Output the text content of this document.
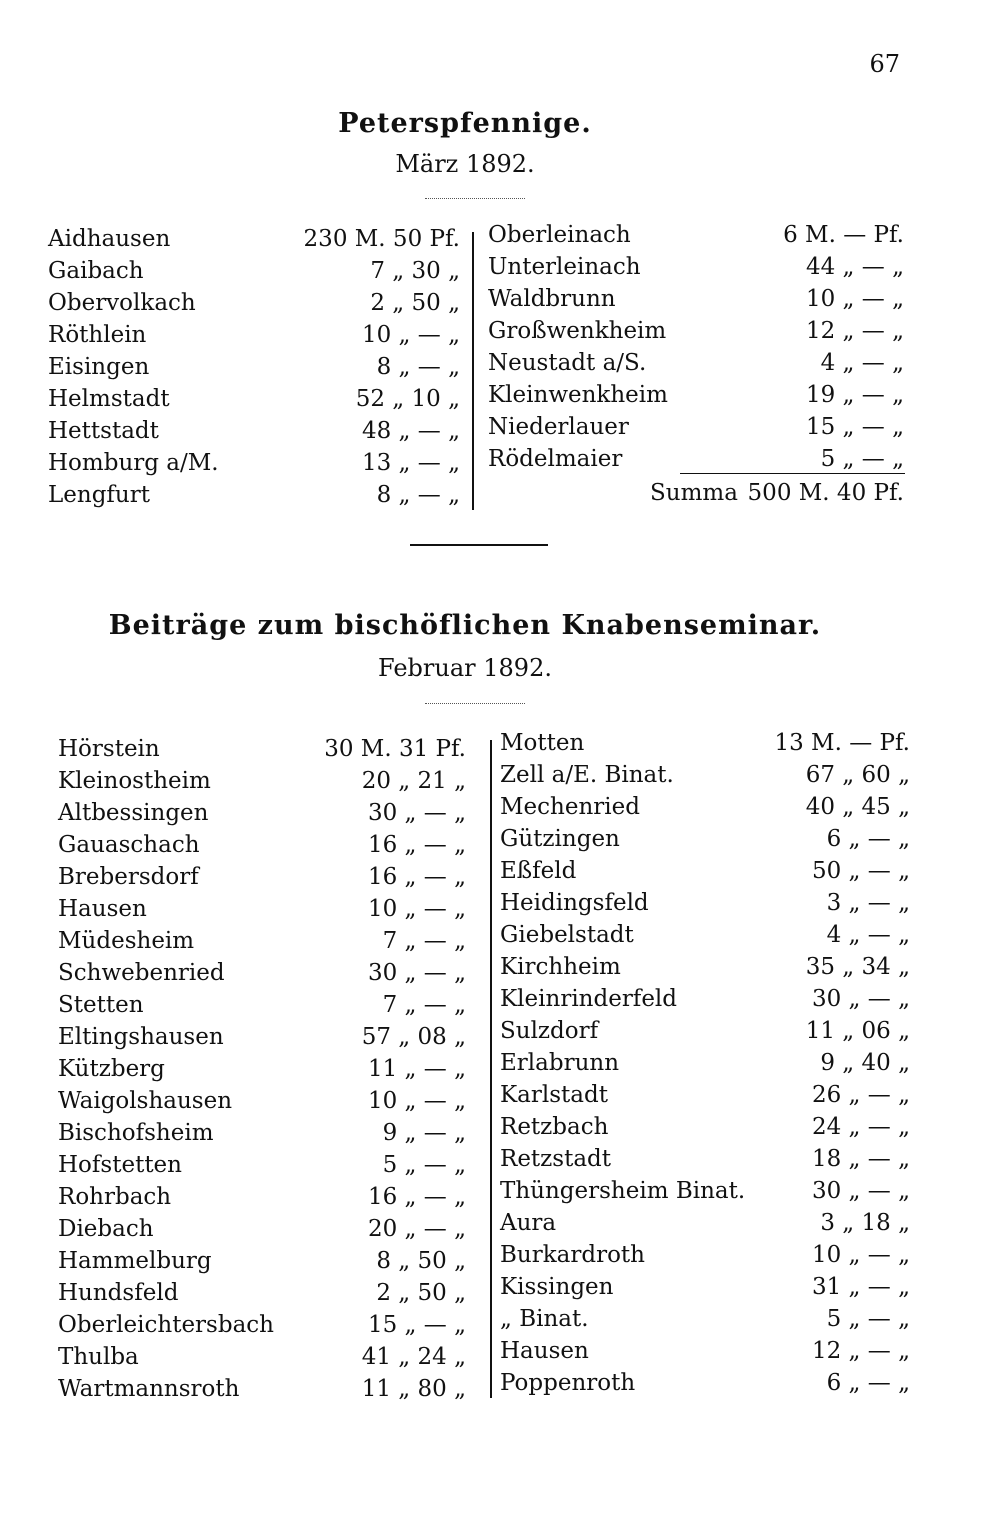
67
Peterspfennige.
März 1892.
Aidhausen	230 M. 50 Pf.
Gaibach	7 „ 30 „
Obervolkach	2 „ 50 „
Röthlein	10 „ — „
Eisingen	8 „ — „
Helmstadt	52 „ 10 „
Hettstadt	48 „ — „
Homburg a/M.	13 „ — „
Lengfurt	8 „ — „
Oberleinach	6 M. — Pf.
Unterleinach	44 „ — „
Waldbrunn	10 „ — „
Großwenkheim	12 „ — „
Neustadt a/S.	4 „ — „
Kleinwenkheim	19 „ — „
Niederlauer	15 „ — „
Rödelmaier	5 „ — „
Summa 500 M. 40 Pf.
Beiträge zum bischöflichen Knabenseminar.
Februar 1892.
Hörstein	30 M. 31 Pf.
Kleinostheim	20 „ 21 „
Altbessingen	30 „ — „
Gauaschach	16 „ — „
Brebersdorf	16 „ — „
Hausen	10 „ — „
Müdesheim	7 „ — „
Schwebenried	30 „ — „
Stetten	7 „ — „
Eltingshausen	57 „ 08 „
Kützberg	11 „ — „
Waigolshausen	10 „ — „
Bischofsheim	9 „ — „
Hofstetten	5 „ — „
Rohrbach	16 „ — „
Diebach	20 „ — „
Hammelburg	8 „ 50 „
Hundsfeld	2 „ 50 „
Oberleichtersbach	15 „ — „
Thulba	41 „ 24 „
Wartmannsroth	11 „ 80 „
Motten	13 M. — Pf.
Zell a/E. Binat.	67 „ 60 „
Mechenried	40 „ 45 „
Gützingen	6 „ — „
Eßfeld	50 „ — „
Heidingsfeld	3 „ — „
Giebelstadt	4 „ — „
Kirchheim	35 „ 34 „
Kleinrinderfeld	30 „ — „
Sulzdorf	11 „ 06 „
Erlabrunn	9 „ 40 „
Karlstadt	26 „ — „
Retzbach	24 „ — „
Retzstadt	18 „ — „
Thüngersheim Binat.	30 „ — „
Aura	3 „ 18 „
Burkardroth	10 „ — „
Kissingen	31 „ — „
„ Binat.	5 „ — „
Hausen	12 „ — „
Poppenroth	6 „ — „
